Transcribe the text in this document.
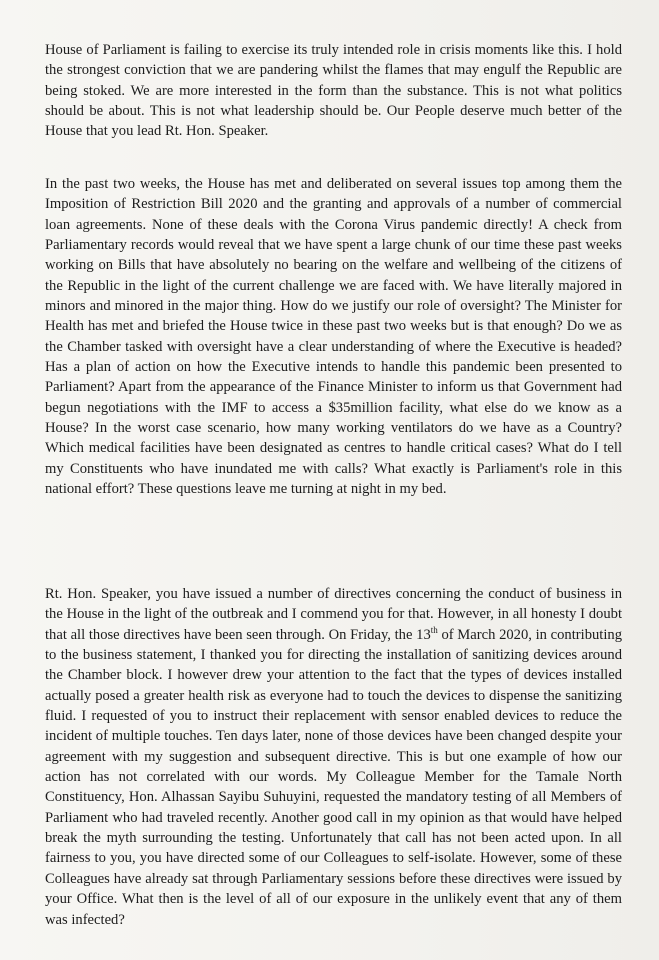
House of Parliament is failing to exercise its truly intended role in crisis moments like this. I hold the strongest conviction that we are pandering whilst the flames that may engulf the Republic are being stoked. We are more interested in the form than the substance. This is not what politics should be about. This is not what leadership should be. Our People deserve much better of the House that you lead Rt. Hon. Speaker.

In the past two weeks, the House has met and deliberated on several issues top among them the Imposition of Restriction Bill 2020 and the granting and approvals of a number of commercial loan agreements. None of these deals with the Corona Virus pandemic directly! A check from Parliamentary records would reveal that we have spent a large chunk of our time these past weeks working on Bills that have absolutely no bearing on the welfare and wellbeing of the citizens of the Republic in the light of the current challenge we are faced with. We have literally majored in minors and minored in the major thing. How do we justify our role of oversight? The Minister for Health has met and briefed the House twice in these past two weeks but is that enough? Do we as the Chamber tasked with oversight have a clear understanding of where the Executive is headed? Has a plan of action on how the Executive intends to handle this pandemic been presented to Parliament? Apart from the appearance of the Finance Minister to inform us that Government had begun negotiations with the IMF to access a $35million facility, what else do we know as a House? In the worst case scenario, how many working ventilators do we have as a Country? Which medical facilities have been designated as centres to handle critical cases? What do I tell my Constituents who have inundated me with calls? What exactly is Parliament's role in this national effort? These questions leave me turning at night in my bed.

Rt. Hon. Speaker, you have issued a number of directives concerning the conduct of business in the House in the light of the outbreak and I commend you for that. However, in all honesty I doubt that all those directives have been seen through. On Friday, the 13th of March 2020, in contributing to the business statement, I thanked you for directing the installation of sanitizing devices around the Chamber block. I however drew your attention to the fact that the types of devices installed actually posed a greater health risk as everyone had to touch the devices to dispense the sanitizing fluid. I requested of you to instruct their replacement with sensor enabled devices to reduce the incident of multiple touches. Ten days later, none of those devices have been changed despite your agreement with my suggestion and subsequent directive. This is but one example of how our action has not correlated with our words. My Colleague Member for the Tamale North Constituency, Hon. Alhassan Sayibu Suhuyini, requested the mandatory testing of all Members of Parliament who had traveled recently. Another good call in my opinion as that would have helped break the myth surrounding the testing. Unfortunately that call has not been acted upon. In all fairness to you, you have directed some of our Colleagues to self-isolate. However, some of these Colleagues have already sat through Parliamentary sessions before these directives were issued by your Office. What then is the level of all of our exposure in the unlikely event that any of them was infected?
